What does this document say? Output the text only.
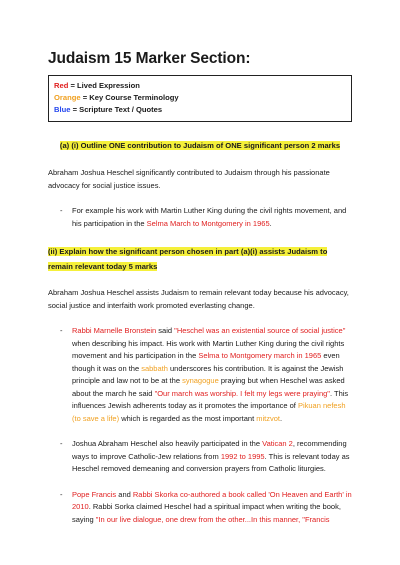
Judaism 15 Marker Section:
Red = Lived Expression
Orange = Key Course Terminology
Blue = Scripture Text / Quotes
(a) (i) Outline ONE contribution to Judaism of ONE significant person 2 marks

Abraham Joshua Heschel significantly contributed to Judaism through his passionate advocacy for social justice issues.

- For example his work with Martin Luther King during the civil rights movement, and his participation in the Selma March to Montgomery in 1965.
(ii) Explain how the significant person chosen in part (a)(i) assists Judaism to remain relevant today 5 marks

Abraham Joshua Heschel assists Judaism to remain relevant today because his advocacy, social justice and interfaith work promoted everlasting change.

- Rabbi Marnelle Bronstein said "Heschel was an existential source of social justice" when describing his impact. His work with Martin Luther King during the civil rights movement and his participation in the Selma to Montgomery march in 1965 even though it was on the sabbath underscores his contribution. It is against the Jewish principle and law not to be at the synagogue praying but when Heschel was asked about the march he said "Our march was worship. I felt my legs were praying". This influences Jewish adherents today as it promotes the importance of Pikuan nefesh (to save a life) which is regarded as the most important mitzvot.
- Joshua Abraham Heschel also heavily participated in the Vatican 2, recommending ways to improve Catholic-Jew relations from 1992 to 1995. This is relevant today as Heschel removed demeaning and conversion prayers from Catholic liturgies.
- Pope Francis and Rabbi Skorka co-authored a book called 'On Heaven and Earth' in 2010. Rabbi Sorka claimed Heschel had a spiritual impact when writing the book, saying "In our live dialogue, one drew from the other...In this manner, "Francis
